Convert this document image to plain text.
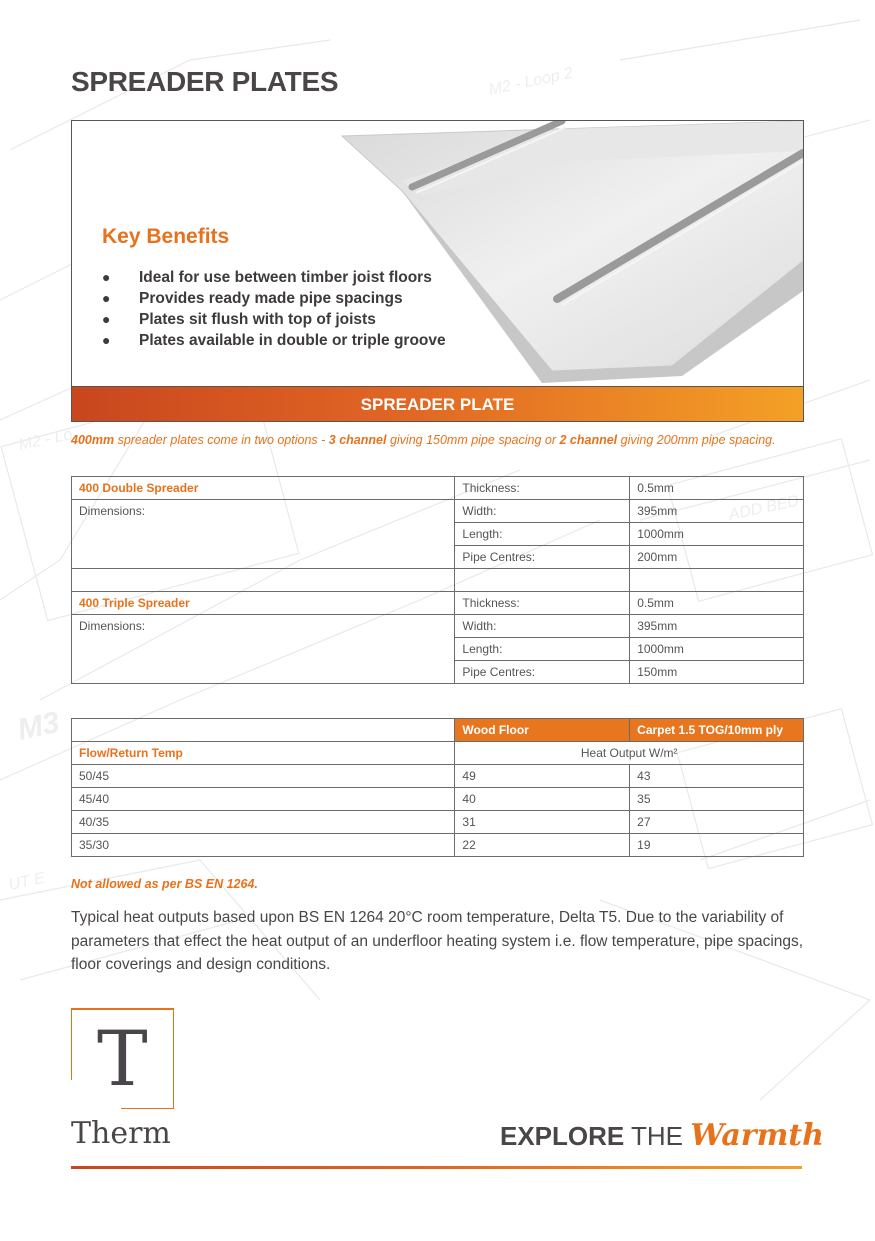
M2 - Loop 2
M2 - Lo
M3
ADD BED
UT E
SPREADER PLATES
Key Benefits
● Ideal for use between timber joist floors
● Provides ready made pipe spacings
● Plates sit flush with top of joists
● Plates available in double or triple groove
SPREADER PLATE
400mm spreader plates come in two options - 3 channel giving 150mm pipe spacing or 2 channel giving 200mm pipe spacing.
400 Double Spreader	Thickness:	0.5mm
Dimensions:	Width:	395mm
	Length:	1000mm
	Pipe Centres:	200mm

400 Triple Spreader	Thickness:	0.5mm
Dimensions:	Width:	395mm
	Length:	1000mm
	Pipe Centres:	150mm
	Wood Floor	Carpet 1.5 TOG/10mm ply
Flow/Return Temp	Heat Output W/m²	
50/45	49	43
45/40	40	35
40/35	31	27
35/30	22	19
Not allowed as per BS EN 1264.

Typical heat outputs based upon BS EN 1264 20°C room temperature, Delta T5. Due to the variability of parameters that effect the heat output of an underfloor heating system i.e. flow temperature, pipe spacings, floor coverings and design conditions.

T
Therm	EXPLORE THE Warmth
